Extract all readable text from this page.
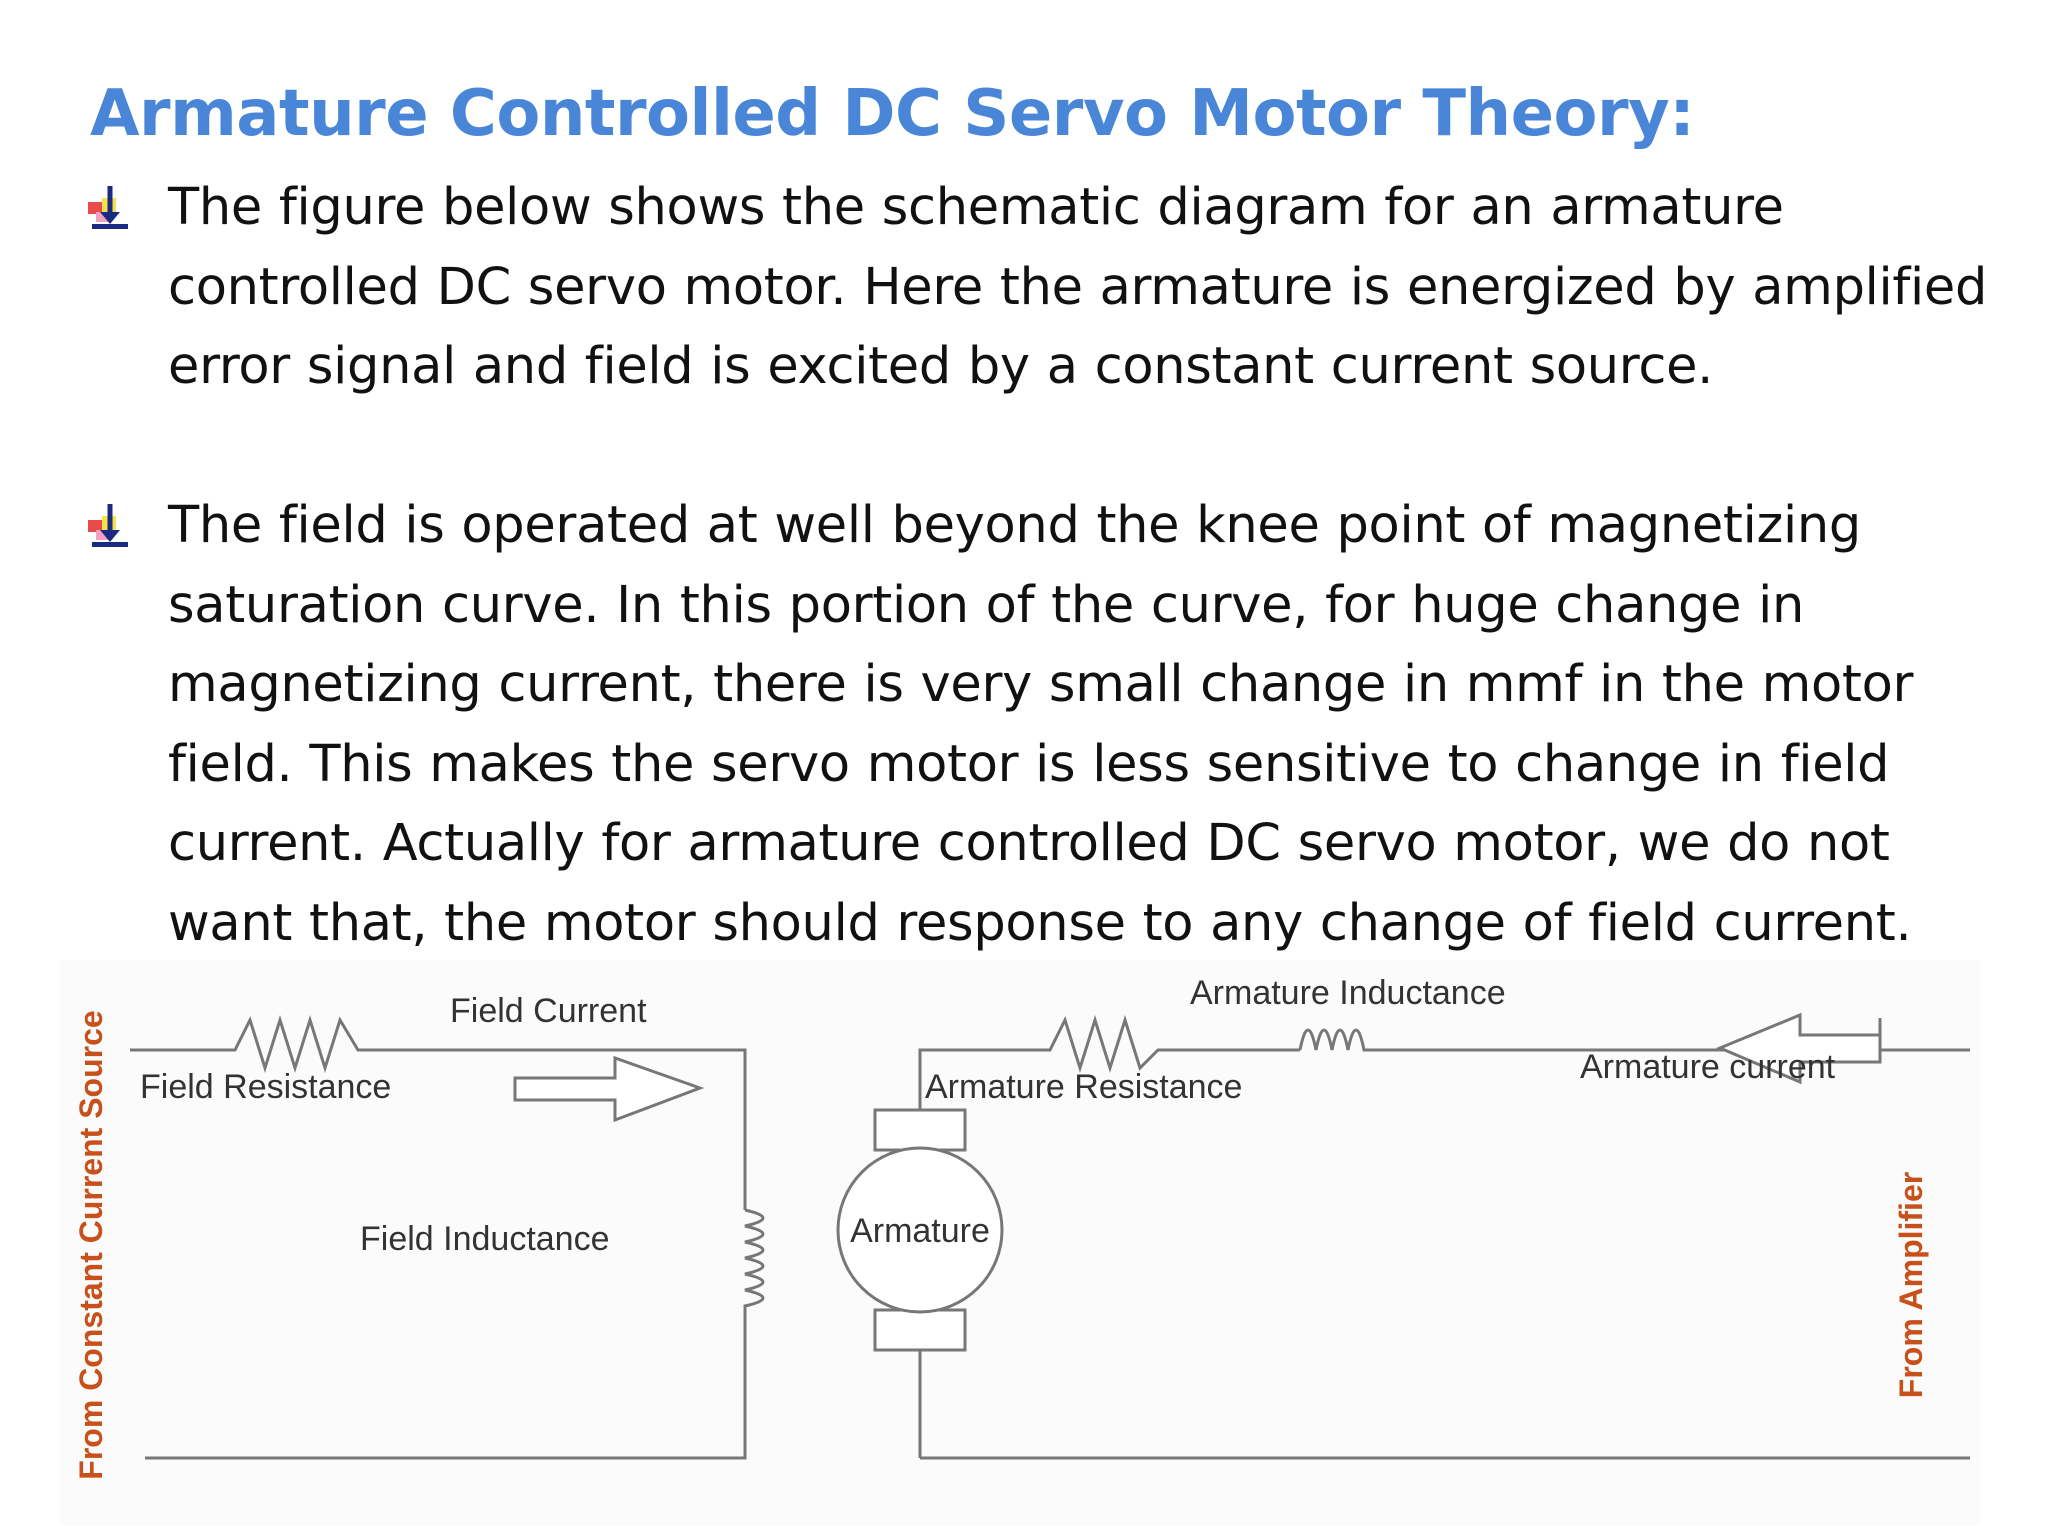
Armature Controlled DC Servo Motor Theory:

The figure below shows the schematic diagram for an armature controlled DC servo motor. Here the armature is energized by amplified error signal and field is excited by a constant current source.

The field is operated at well beyond the knee point of magnetizing saturation curve. In this portion of the curve, for huge change in magnetizing current, there is very small change in mmf in the motor field. This makes the servo motor is less sensitive to change in field current. Actually for armature controlled DC servo motor, we do not want that, the motor should response to any change of field current.

Field Current
Field Resistance
Field Inductance	Armature
Armature Inductance
Armature Resistance
Armature current
From Constant Current Source	From Amplifier
